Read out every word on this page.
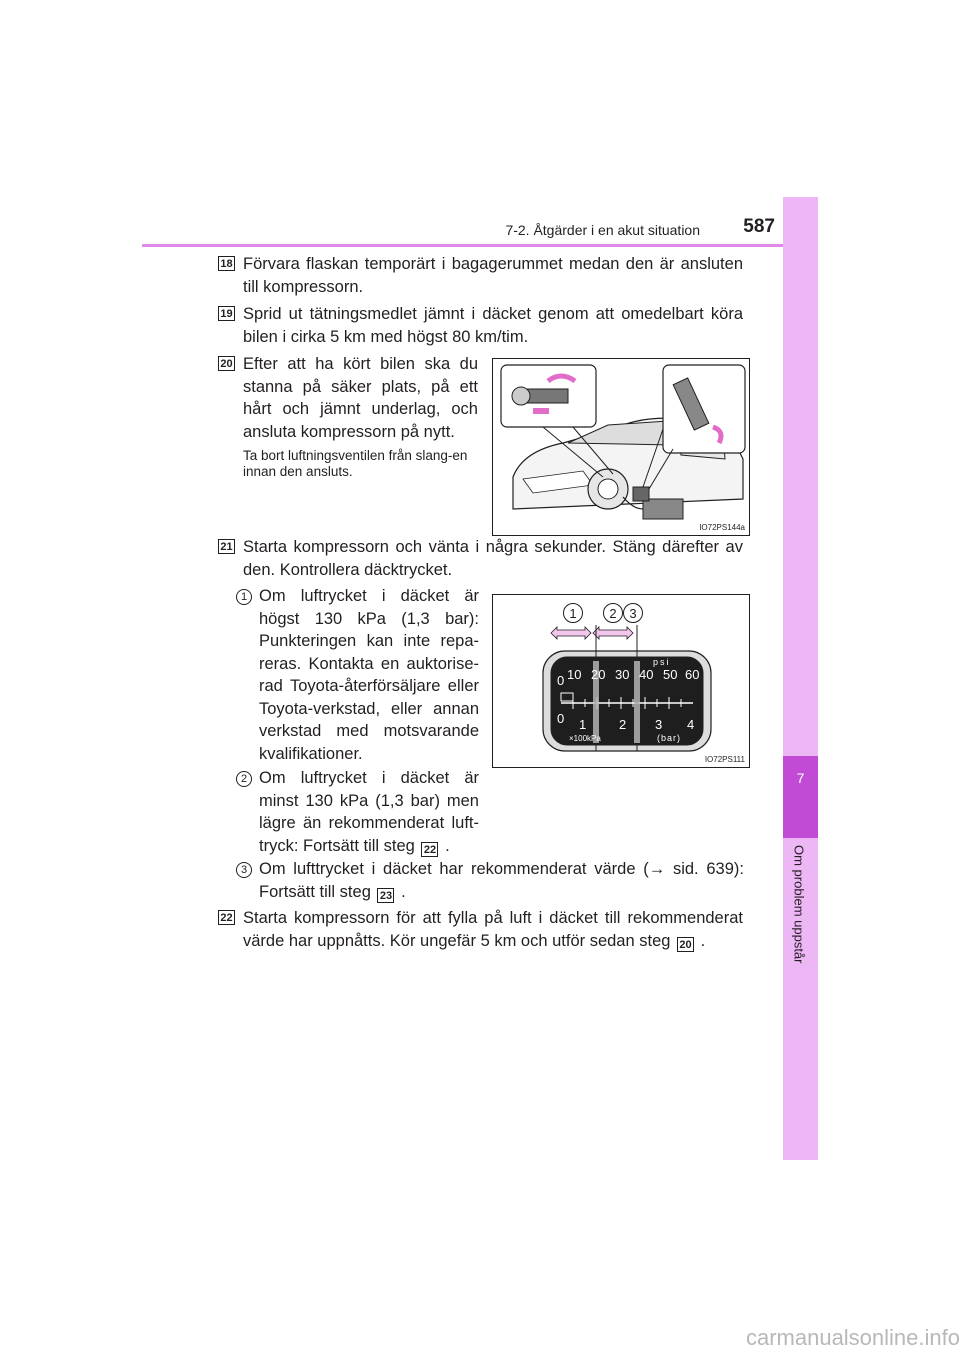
7-2. Åtgärder i en akut situation	587
7
Om problem uppstår
18 Förvara flaskan temporärt i bagagerummet medan den är ansluten till kompressorn.
19 Sprid ut tätningsmedlet jämnt i däcket genom att omedelbart köra bilen i cirka 5 km med högst 80 km/tim.
20 Efter att ha kört bilen ska du stanna på säker plats, på ett hårt och jämnt underlag, och ansluta kompressorn på nytt.
Ta bort luftningsventilen från slang-en innan den ansluts.
IO72PS144a
21 Starta kompressorn och vänta i några sekunder. Stäng därefter av den. Kontrollera däcktrycket.
1 Om luftrycket i däcket är högst 130 kPa (1,3 bar): Punkteringen kan inte repa-reras. Kontakta en auktorise-rad Toyota-återförsäljare eller Toyota-verkstad, eller annan verkstad med motsvarande kvalifikationer.
1	2 3
psi
0 10 20 30 40 50 60
0 1	2 3 4
×100kPa	(bar)
IO72PS111
2 Om luftrycket i däcket är minst 130 kPa (1,3 bar) men lägre än rekommenderat luft-tryck: Fortsätt till steg 22 .
3 Om lufttrycket i däcket har rekommenderat värde (→ sid. 639): Fortsätt till steg 23 .
22 Starta kompressorn för att fylla på luft i däcket till rekommenderat värde har uppnåtts. Kör ungefär 5 km och utför sedan steg 20 .
carmanualsonline.info
